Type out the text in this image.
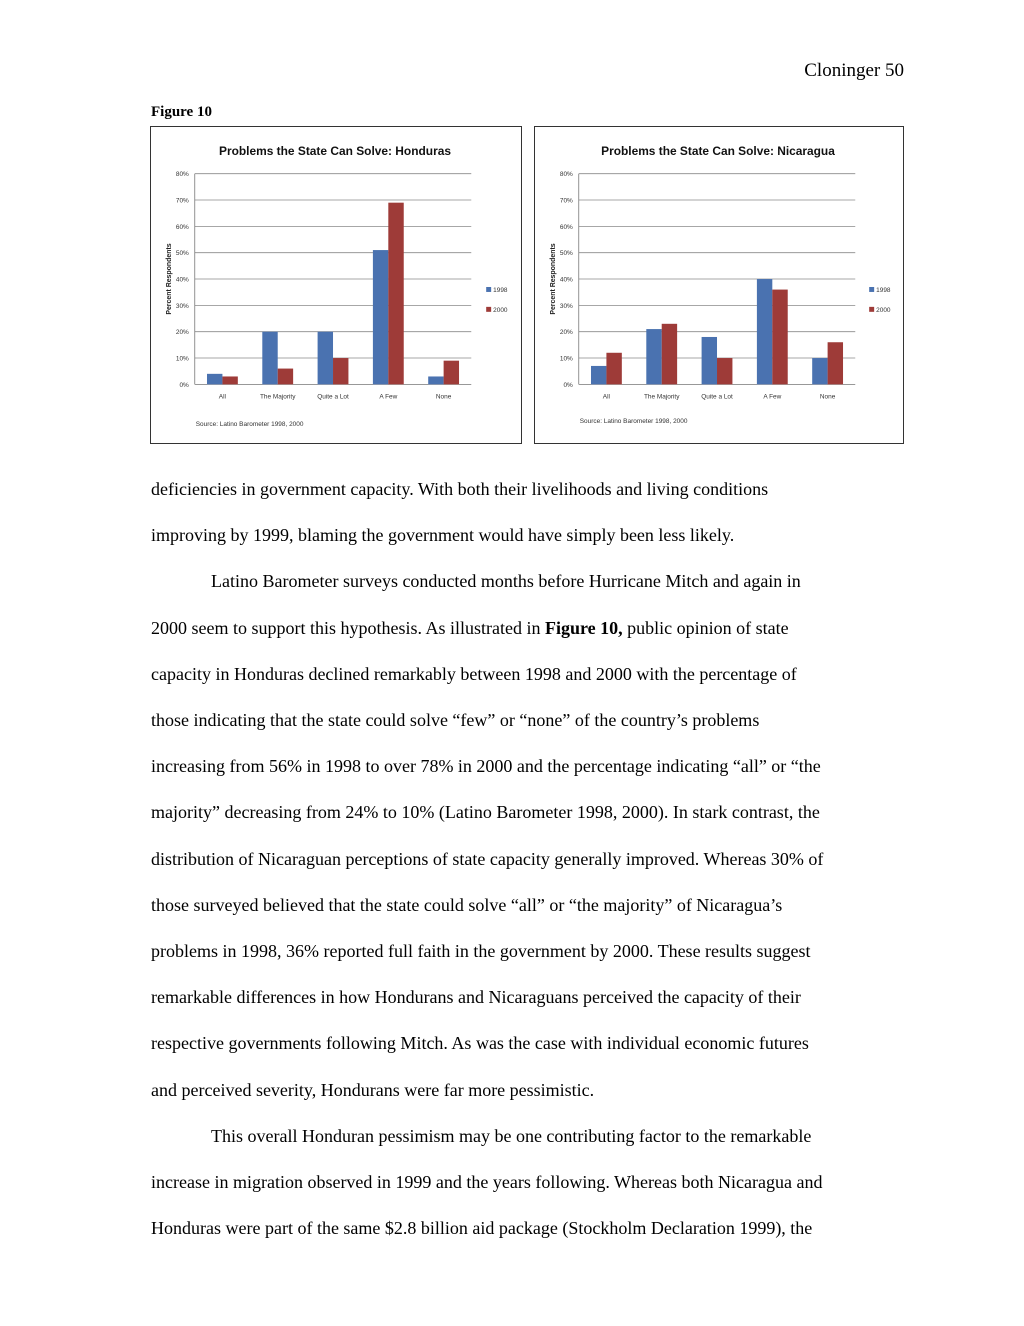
Cloninger 50
Figure 10
Problems the State Can Solve: Honduras
0%
10%
20%
30%
40%
50%
60%
70%
80%
Percent Respondents
All	The Majority	Quite a Lot	A Few	None
1998
2000
Source: Latino Barometer 1998, 2000
Problems the State Can Solve: Nicaragua
0%
10%
20%
30%
40%
50%
60%
70%
80%
Percent Respondents
All	The Majority	Quite a Lot	A Few	None
1998
2000
Source: Latino Barometer 1998, 2000

deficiencies in government capacity. With both their livelihoods and living conditions

improving by 1999, blaming the government would have simply been less likely.

Latino Barometer surveys conducted months before Hurricane Mitch and again in

2000 seem to support this hypothesis. As illustrated in Figure 10, public opinion of state

capacity in Honduras declined remarkably between 1998 and 2000 with the percentage of

those indicating that the state could solve “few” or “none” of the country’s problems

increasing from 56% in 1998 to over 78% in 2000 and the percentage indicating “all” or “the

majority” decreasing from 24% to 10% (Latino Barometer 1998, 2000). In stark contrast, the

distribution of Nicaraguan perceptions of state capacity generally improved. Whereas 30% of

those surveyed believed that the state could solve “all” or “the majority” of Nicaragua’s

problems in 1998, 36% reported full faith in the government by 2000. These results suggest

remarkable differences in how Hondurans and Nicaraguans perceived the capacity of their

respective governments following Mitch. As was the case with individual economic futures

and perceived severity, Hondurans were far more pessimistic.

This overall Honduran pessimism may be one contributing factor to the remarkable

increase in migration observed in 1999 and the years following. Whereas both Nicaragua and

Honduras were part of the same $2.8 billion aid package (Stockholm Declaration 1999), the
